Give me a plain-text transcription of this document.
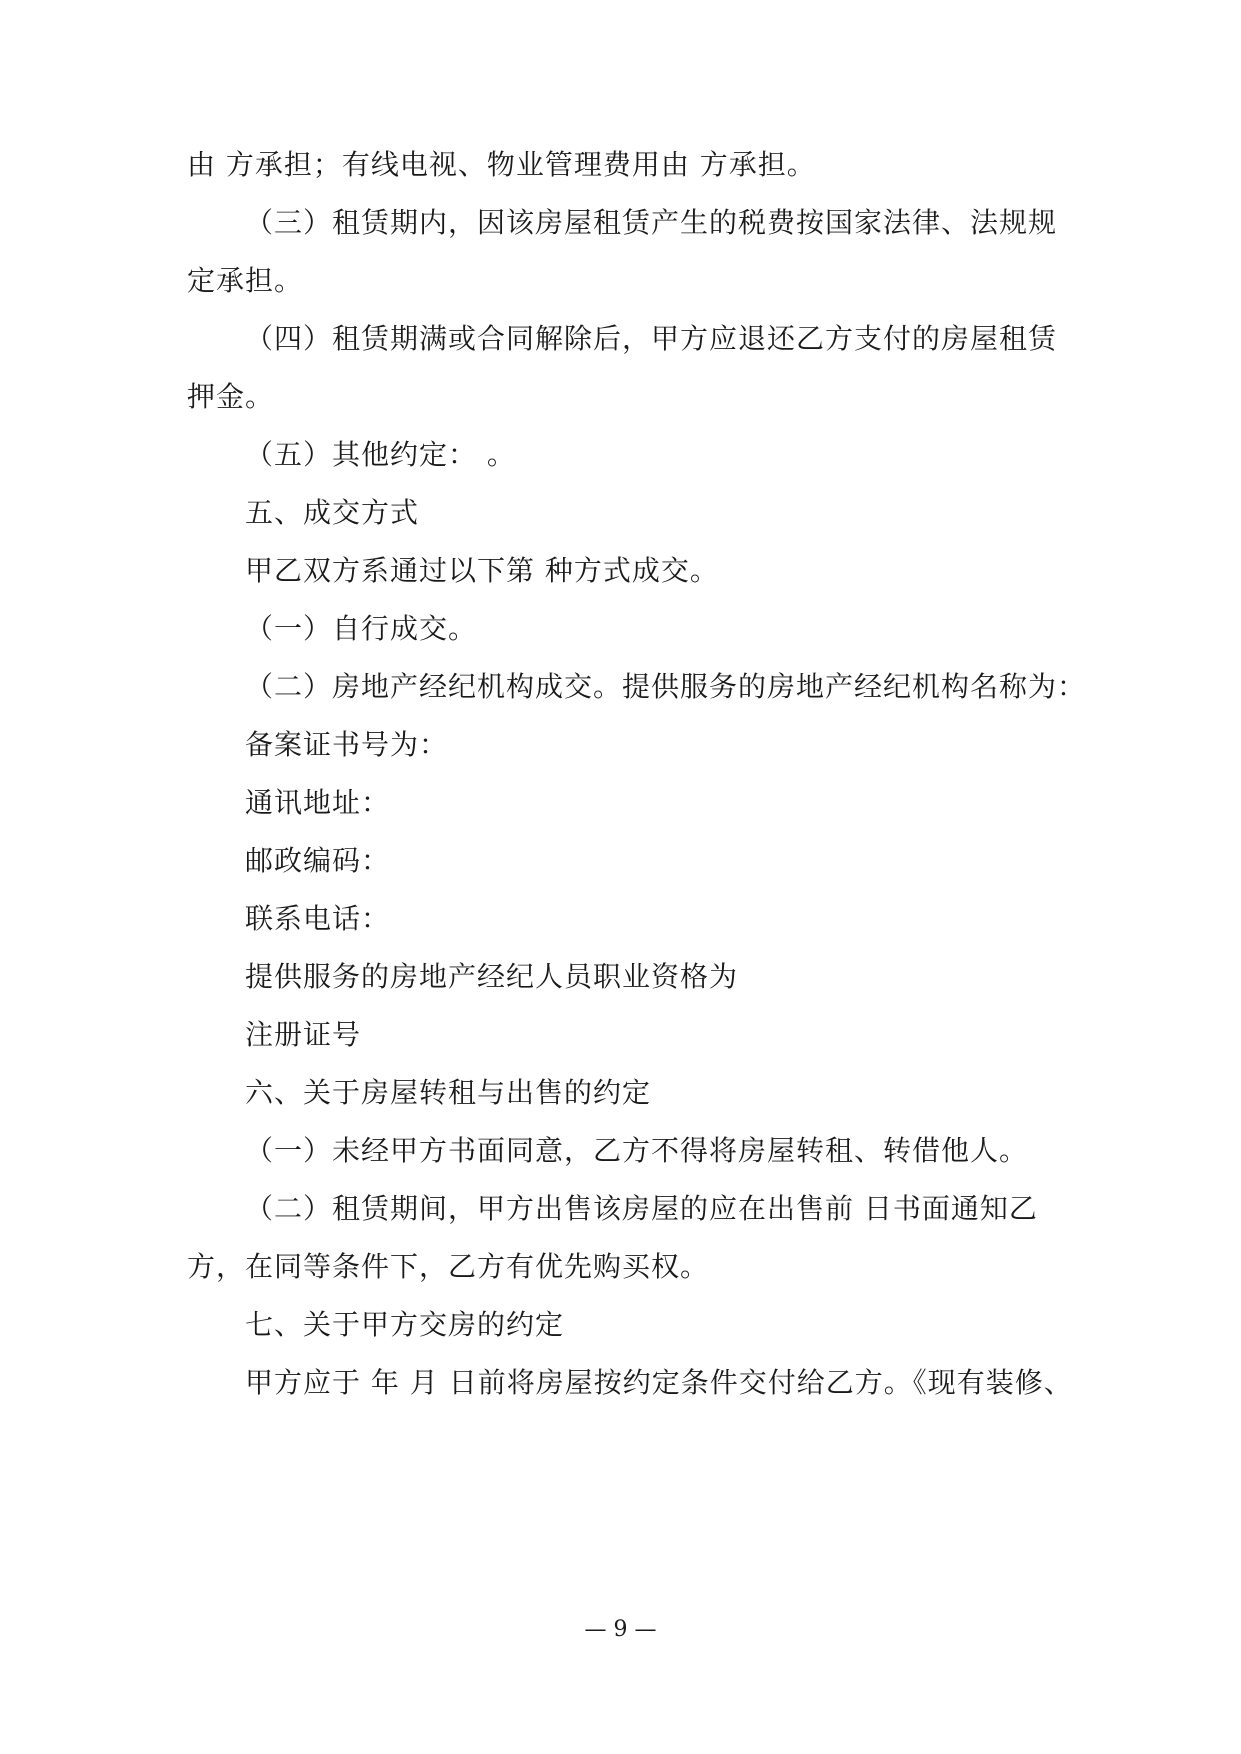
由 方承担；有线电视、物业管理费用由 方承担。
（三）租赁期内，因该房屋租赁产生的税费按国家法律、法规规
定承担。
（四）租赁期满或合同解除后，甲方应退还乙方支付的房屋租赁
押金。
（五）其他约定： 。
五、成交方式
甲乙双方系通过以下第 种方式成交。
（一）自行成交。
（二）房地产经纪机构成交。提供服务的房地产经纪机构名称为：
备案证书号为：
通讯地址：
邮政编码：
联系电话：
提供服务的房地产经纪人员职业资格为
注册证号
六、关于房屋转租与出售的约定
（一）未经甲方书面同意，乙方不得将房屋转租、转借他人。
（二）租赁期间，甲方出售该房屋的应在出售前 日书面通知乙
方，在同等条件下，乙方有优先购买权。
七、关于甲方交房的约定
甲方应于 年 月 日前将房屋按约定条件交付给乙方。《现有装修、
— 9 —
